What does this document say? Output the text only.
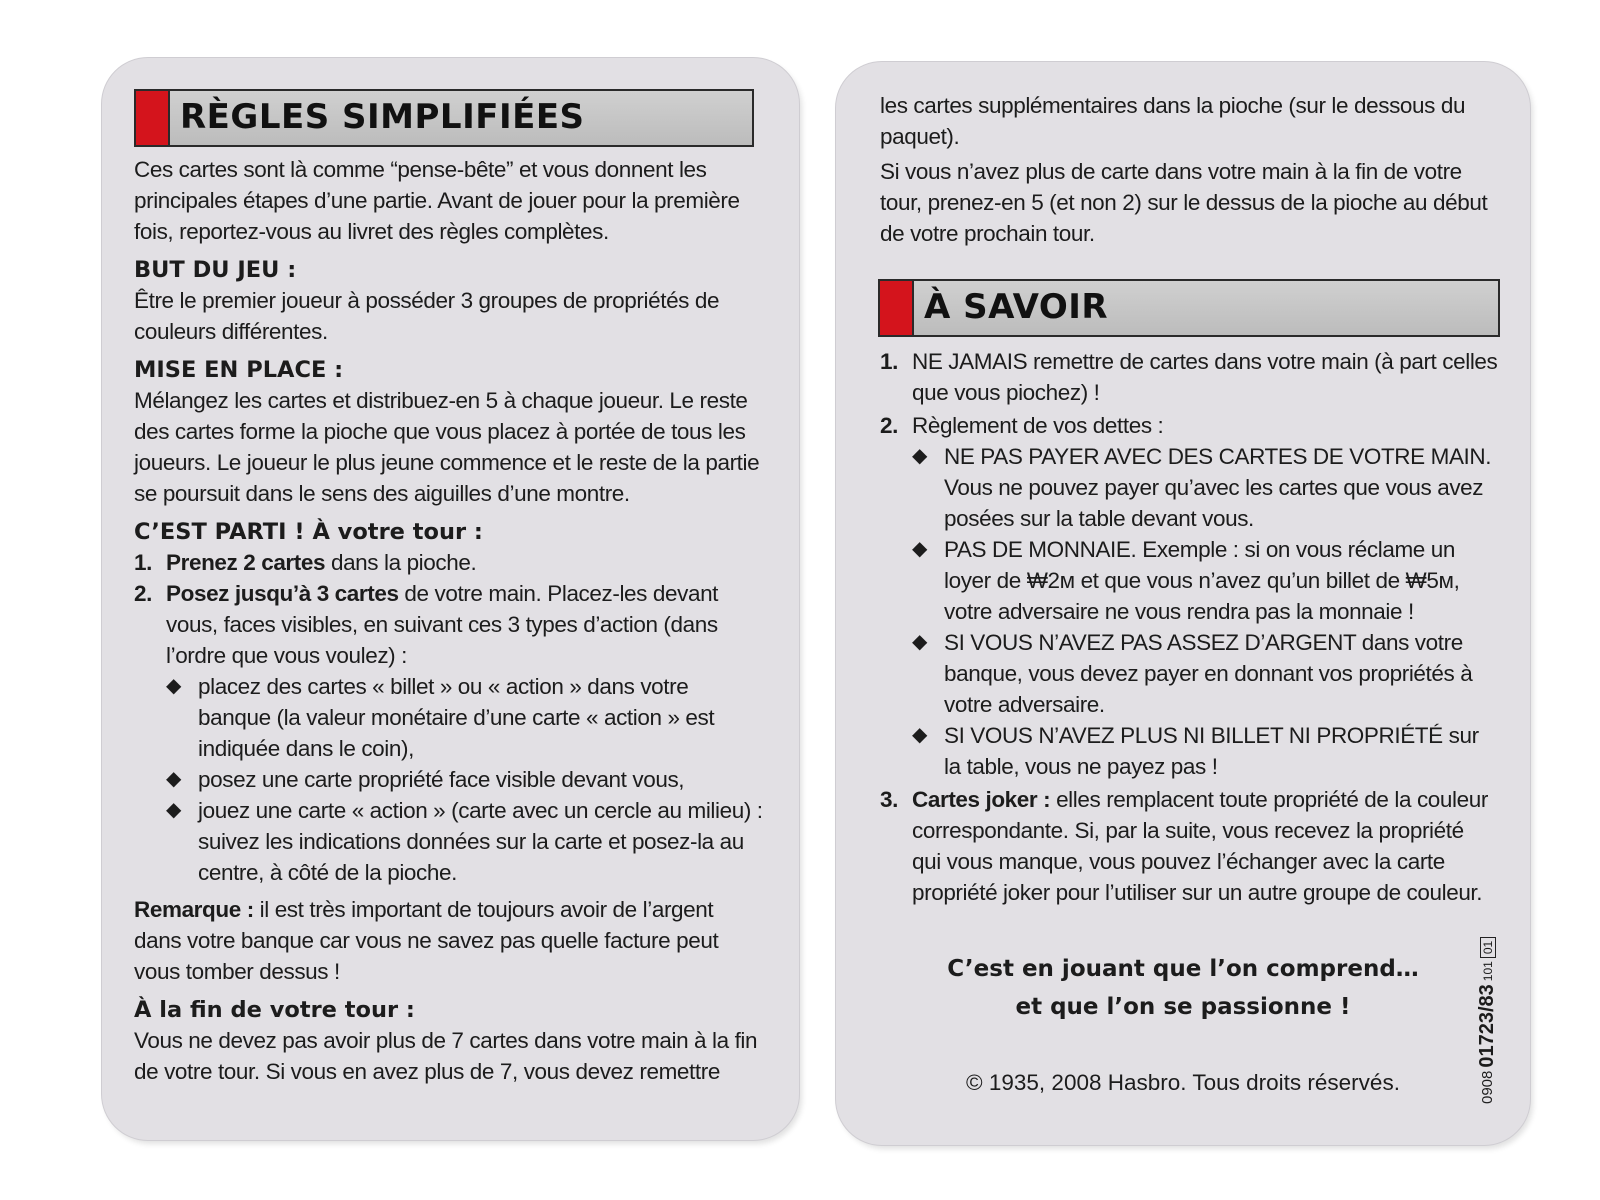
RÈGLES SIMPLIFIÉES

Ces cartes sont là comme “pense-bête” et vous donnent les principales étapes d’une partie. Avant de jouer pour la première fois, reportez-vous au livret des règles complètes.

BUT DU JEU :

Être le premier joueur à posséder 3 groupes de propriétés de couleurs différentes.

MISE EN PLACE :

Mélangez les cartes et distribuez-en 5 à chaque joueur. Le reste des cartes forme la pioche que vous placez à portée de tous les joueurs. Le joueur le plus jeune commence et le reste de la partie se poursuit dans le sens des aiguilles d’une montre.

C’EST PARTI ! À votre tour :

1. Prenez 2 cartes dans la pioche.
2. Posez jusqu’à 3 cartes de votre main. Placez-les devant vous, faces visibles, en suivant ces 3 types d’action (dans l’ordre que vous voulez) :
◆ placez des cartes « billet » ou « action » dans votre banque (la valeur monétaire d’une carte « action » est indiquée dans le coin),
◆ posez une carte propriété face visible devant vous,
◆ jouez une carte « action » (carte avec un cercle au milieu) : suivez les indications données sur la carte et posez-la au centre, à côté de la pioche.

Remarque : il est très important de toujours avoir de l’argent dans votre banque car vous ne savez pas quelle facture peut vous tomber dessus !

À la fin de votre tour :

Vous ne devez pas avoir plus de 7 cartes dans votre main à la fin de votre tour. Si vous en avez plus de 7, vous devez remettre

les cartes supplémentaires dans la pioche (sur le dessous du paquet).

Si vous n’avez plus de carte dans votre main à la fin de votre tour, prenez-en 5 (et non 2) sur le dessus de la pioche au début de votre prochain tour.

À SAVOIR
1. NE JAMAIS remettre de cartes dans votre main (à part celles que vous piochez) !
2. Règlement de vos dettes :
◆ NE PAS PAYER AVEC DES CARTES DE VOTRE MAIN. Vous ne pouvez payer qu’avec les cartes que vous avez posées sur la table devant vous.
◆ PAS DE MONNAIE. Exemple : si on vous réclame un loyer de ₩2м et que vous n’avez qu’un billet de ₩5м, votre adversaire ne vous rendra pas la monnaie !
◆ SI VOUS N’AVEZ PAS ASSEZ D’ARGENT dans votre banque, vous devez payer en donnant vos propriétés à votre adversaire.
◆ SI VOUS N’AVEZ PLUS NI BILLET NI PROPRIÉTÉ sur la table, vous ne payez pas !
3. Cartes joker : elles remplacent toute propriété de la couleur correspondante. Si, par la suite, vous recevez la propriété qui vous manque, vous pouvez l’échanger avec la carte propriété joker pour l’utiliser sur un autre groupe de couleur.
C’est en jouant que l’on comprend…
et que l’on se passionne !
© 1935, 2008 Hasbro. Tous droits réservés.	0908
01723/83
101
01
